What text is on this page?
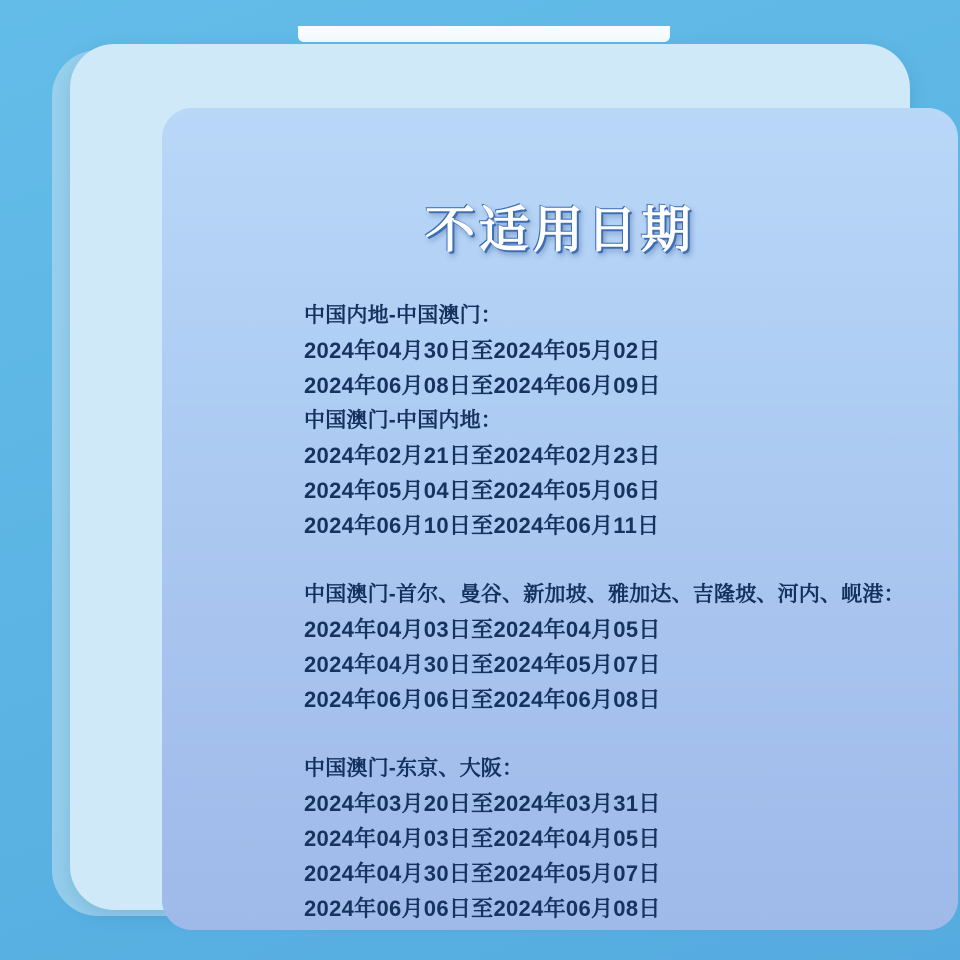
不适用日期
中国内地-中国澳门：
2024年04月30日至2024年05月02日
2024年06月08日至2024年06月09日
中国澳门-中国内地：
2024年02月21日至2024年02月23日
2024年05月04日至2024年05月06日
2024年06月10日至2024年06月11日
中国澳门-首尔、曼谷、新加坡、雅加达、吉隆坡、河内、岘港：
2024年04月03日至2024年04月05日
2024年04月30日至2024年05月07日
2024年06月06日至2024年06月08日
中国澳门-东京、大阪：
2024年03月20日至2024年03月31日
2024年04月03日至2024年04月05日
2024年04月30日至2024年05月07日
2024年06月06日至2024年06月08日
